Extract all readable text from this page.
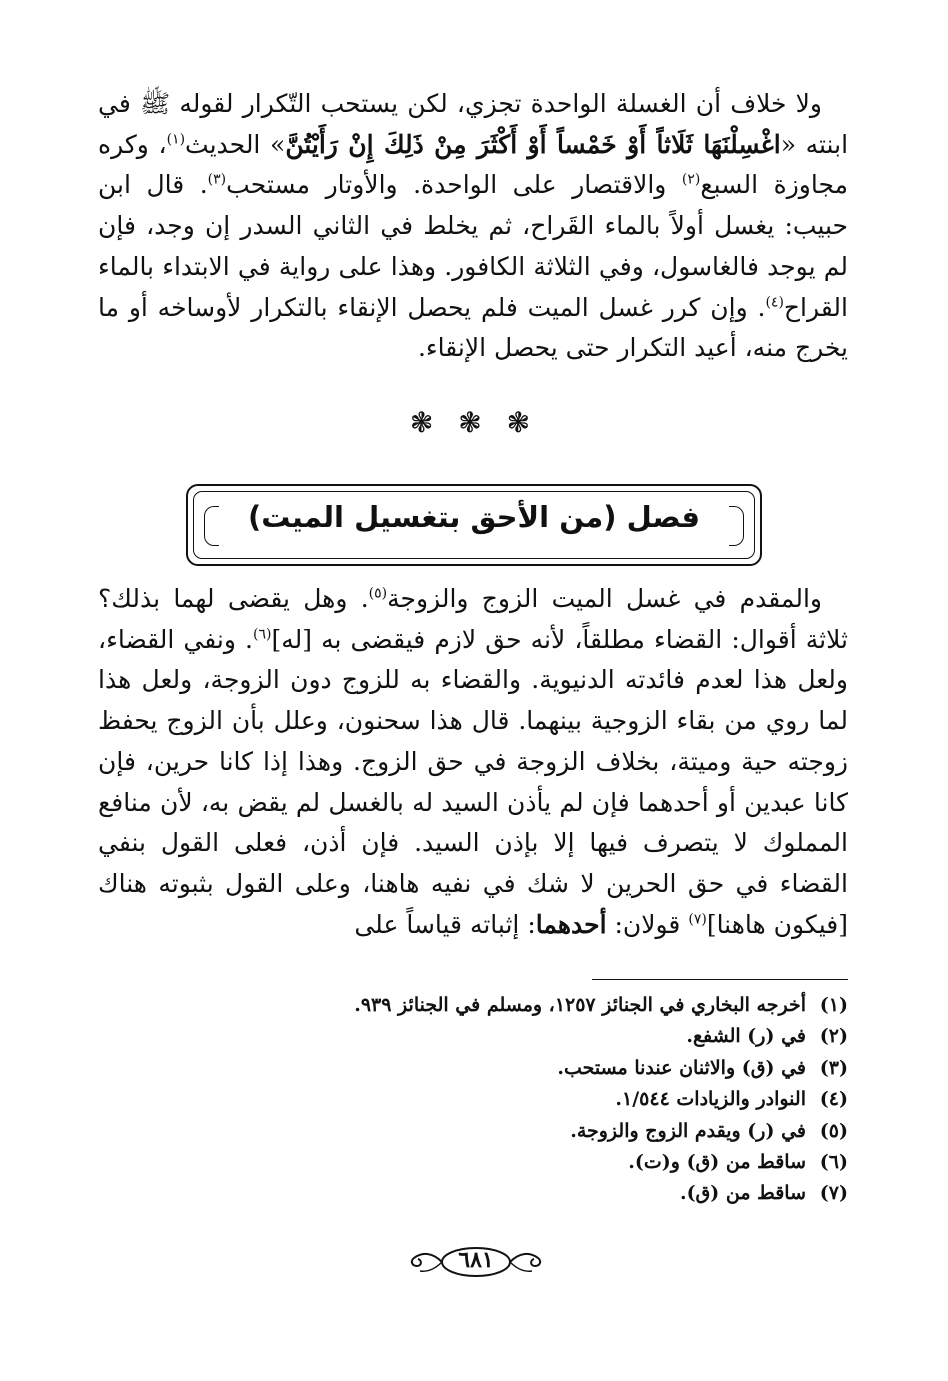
ولا خلاف أن الغسلة الواحدة تجزي، لكن يستحب التّكرار لقوله ﷺ في ابنته «اغْسِلْنَهَا ثَلَاثاً أَوْ خَمْساً أَوْ أَكْثَرَ مِنْ ذَلِكَ إِنْ رَأَيْتُنَّ» الحديث$^{(١)}$، وكره مجاوزة السبع$^{(٢)}$ والاقتصار على الواحدة. والأوتار مستحب$^{(٣)}$. قال ابن حبيب: يغسل أولاً بالماء القَراح، ثم يخلط في الثاني السدر إن وجد، فإن لم يوجد فالغاسول، وفي الثلاثة الكافور. وهذا على رواية في الابتداء بالماء القراح$^{(٤)}$. وإن كرر غسل الميت فلم يحصل الإنقاء بالتكرار لأوساخه أو ما يخرج منه، أعيد التكرار حتى يحصل الإنقاء.

❃ ❃ ❃
فصل (من الأحق بتغسيل الميت)

والمقدم في غسل الميت الزوج والزوجة$^{(٥)}$. وهل يقضى لهما بذلك؟ ثلاثة أقوال: القضاء مطلقاً، لأنه حق لازم فيقضى به [له]$^{(٦)}$. ونفي القضاء، ولعل هذا لعدم فائدته الدنيوية. والقضاء به للزوج دون الزوجة، ولعل هذا لما روي من بقاء الزوجية بينهما. قال هذا سحنون، وعلل بأن الزوج يحفظ زوجته حية وميتة، بخلاف الزوجة في حق الزوج. وهذا إذا كانا حرين، فإن كانا عبدين أو أحدهما فإن لم يأذن السيد له بالغسل لم يقض به، لأن منافع المملوك لا يتصرف فيها إلا بإذن السيد. فإن أذن، فعلى القول بنفي القضاء في حق الحرين لا شك في نفيه هاهنا، وعلى القول بثبوته هناك [فيكون هاهنا]$^{(٧)}$ قولان: أحدهما: إثباته قياساً على

(١)
أخرجه البخاري في الجنائز ١٢٥٧، ومسلم في الجنائز ٩٣٩.
(٢)
في (ر) الشفع.
(٣)
في (ق) والاثنان عندنا مستحب.
(٤)
النوادر والزيادات ١/٥٤٤.
(٥)
في (ر) ويقدم الزوج والزوجة.
(٦)
ساقط من (ق) و(ت).
(٧)
ساقط من (ق).
٦٨١
